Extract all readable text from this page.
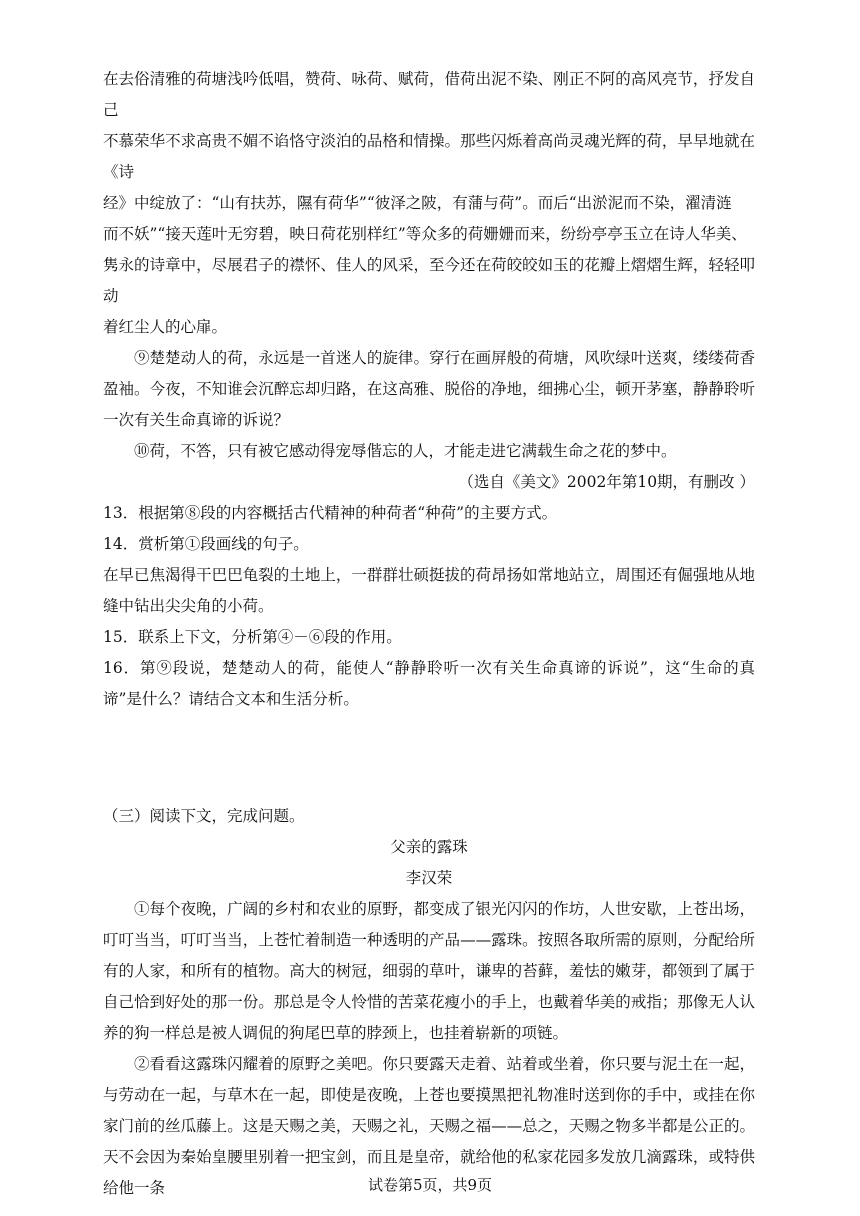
在去俗清雅的荷塘浅吟低唱，赞荷、咏荷、赋荷，借荷出泥不染、刚正不阿的高风亮节，抒发自己

不慕荣华不求高贵不媚不谄恪守淡泊的品格和情操。那些闪烁着高尚灵魂光辉的荷，早早地就在《诗

经》中绽放了：“山有扶苏，隰有荷华”“彼泽之陂，有蒲与荷”。而后“出淤泥而不染，濯清涟

而不妖”“接天莲叶无穷碧，映日荷花别样红”等众多的荷姗姗而来，纷纷亭亭玉立在诗人华美、

隽永的诗章中，尽展君子的襟怀、佳人的风采，至今还在荷皎皎如玉的花瓣上熠熠生辉，轻轻叩动

着红尘人的心扉。

⑨楚楚动人的荷，永远是一首迷人的旋律。穿行在画屏般的荷塘，风吹绿叶送爽，缕缕荷香盈袖。今夜，不知谁会沉醉忘却归路，在这高雅、脱俗的净地，细拂心尘，顿开茅塞，静静聆听一次有关生命真谛的诉说？

⑩荷，不答，只有被它感动得宠辱偕忘的人，才能走进它满载生命之花的梦中。

（选自《美文》2002年第10期，有删改 ）

13．根据第⑧段的内容概括古代精神的种荷者“种荷”的主要方式。

14．赏析第①段画线的句子。

在早已焦渴得干巴巴龟裂的土地上，一群群壮硕挺拔的荷昂扬如常地站立，周围还有倔强地从地缝中钻出尖尖角的小荷。

15．联系上下文，分析第④－⑥段的作用。

16．第⑨段说，楚楚动人的荷，能使人“静静聆听一次有关生命真谛的诉说”，这“生命的真谛”是什么？请结合文本和生活分析。

（三）阅读下文，完成问题。

父亲的露珠

李汉荣

①每个夜晚，广阔的乡村和农业的原野，都变成了银光闪闪的作坊，人世安歇，上苍出场，叮叮当当，叮叮当当，上苍忙着制造一种透明的产品——露珠。按照各取所需的原则，分配给所有的人家，和所有的植物。高大的树冠，细弱的草叶，谦卑的苔藓，羞怯的嫩芽，都领到了属于自己恰到好处的那一份。那总是令人怜惜的苦菜花瘦小的手上，也戴着华美的戒指；那像无人认养的狗一样总是被人调侃的狗尾巴草的脖颈上，也挂着崭新的项链。

②看看这露珠闪耀着的原野之美吧。你只要露天走着、站着或坐着，你只要与泥土在一起，与劳动在一起，与草木在一起，即使是夜晚，上苍也要摸黑把礼物准时送到你的手中，或挂在你家门前的丝瓜藤上。这是天赐之美，天赐之礼，天赐之福——总之，天赐之物多半都是公正的。天不会因为秦始皇腰里别着一把宝剑，而且是皇帝，就给他的私家花园多发放几滴露珠，或特供给他一条	试卷第5页，共9页
